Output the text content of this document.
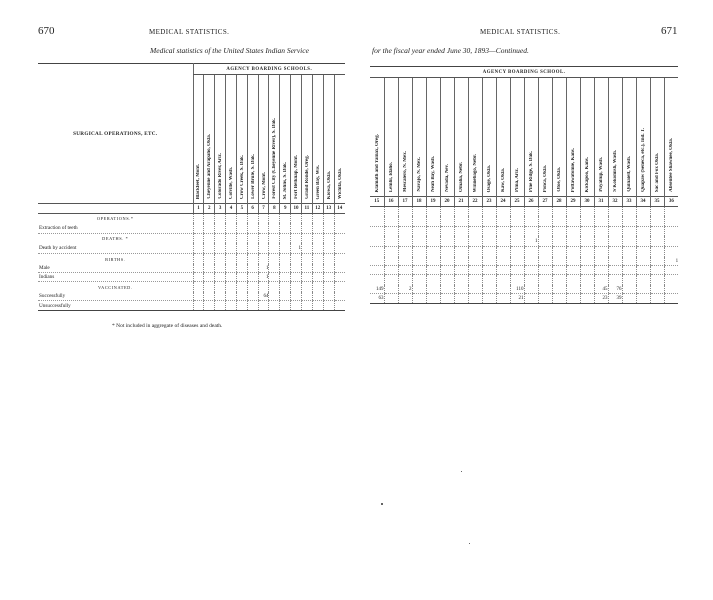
670	MEDICAL STATISTICS.
Medical statistics of the United States Indian Service
SURGICAL OPERATIONS, ETC.	AGENCY BOARDING SCHOOLS.													
	Blackfeet, Mont.	Cheyenne and Arapaho, Okla.	Colorado River, Ariz.	Colville, Wash.	Crow Creek, S. Dak.	Lower Brulé, S. Dak.	Crow, Mont.	Forest City (Cheyenne River), S. Dak.	St. Johns, S. Dak.	Fort Belknap, Mont.	Grand Ronde, Oreg.	Green Bay, Wis.	Kiowa, Okla.	Wichita, Okla.
	1	2	3	4	5	6	7	8	9	10	11	12	13	14
OPERATIONS.*														
Extraction of teeth														
DEATHS. *														
Death by accident										1				
BIRTHS.														
Male							1							
Indians							1							
VACCINATED.														
Successfully							64							
Unsuccessfully														
* Not included in aggregate of diseases and death.
MEDICAL STATISTICS.	671
for the fiscal year ended June 30, 1893—Continued.
AGENCY BOARDING SCHOOL.																					
Klamath and Yainax, Oreg.	Lemhi, Idaho.	Mescalero, N. Mex.	Navajo, N. Mex.	Neah Bay, Wash.	Nevada, Nev.	Omaha, Nebr.	Winnebago, Nebr.	Osage, Okla.	Kaw, Okla.	Pima, Ariz.	Pine Ridge, S. Dak.	Ponca, Okla.	Otoe, Okla.	Pottawatomie, Kans.	Kickapoo, Kans.	Puyallup, Wash.	S'Kokomish, Wash.	Quinaielt, Wash.	Quapaw (Seneca, etc.), Ind. T.	Sac and Fox Okla.	Absentee Shawnee, Okla.
15	16	17	18	19	20	21	22	23	24	25	26	27	28	29	30	31	32	33	34	35	36

											1										

																					1

149		2								110						45	76				
63										21						23	39				
